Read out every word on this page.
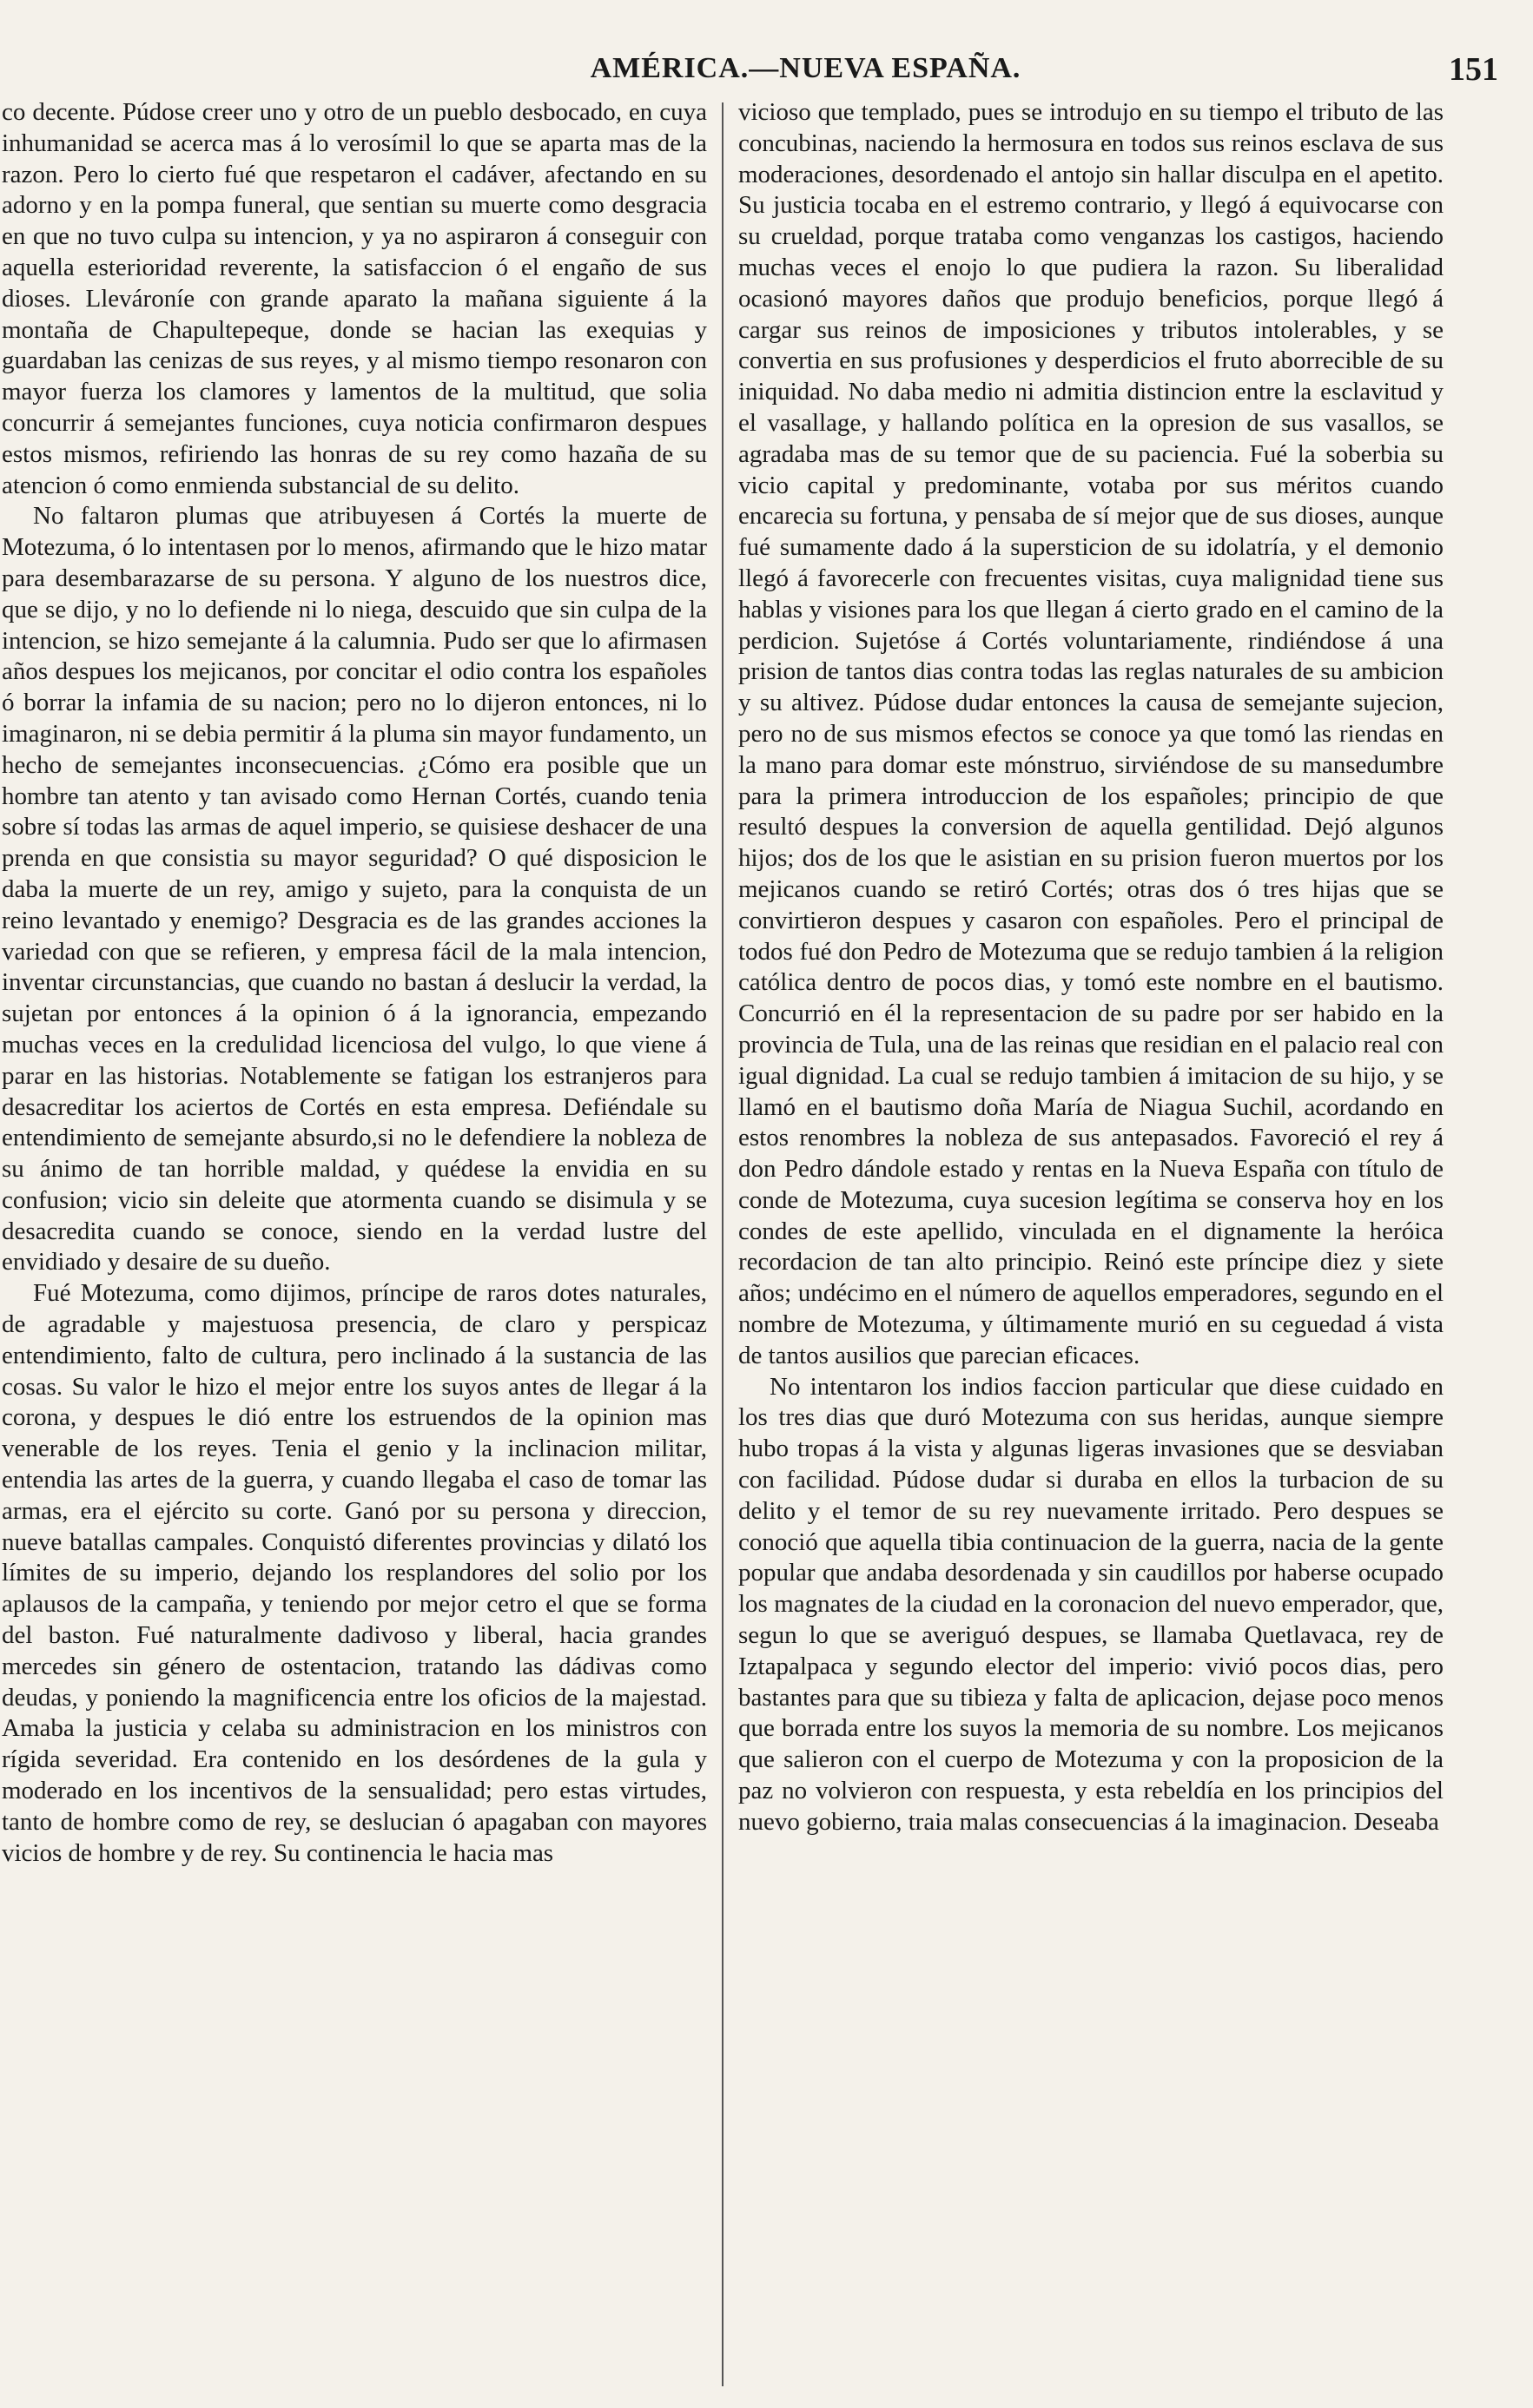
AMÉRICA.—NUEVA ESPAÑA.	151

co decente. Púdose creer uno y otro de un pueblo desbocado, en cuya inhumanidad se acerca mas á lo verosímil lo que se aparta mas de la razon. Pero lo cierto fué que respetaron el cadáver, afectando en su adorno y en la pompa funeral, que sentian su muerte como desgracia en que no tuvo culpa su intencion, y ya no aspiraron á conseguir con aquella esterioridad reverente, la satisfaccion ó el engaño de sus dioses. Llevároníe con grande aparato la mañana siguiente á la montaña de Chapultepeque, donde se hacian las exequias y guardaban las cenizas de sus reyes, y al mismo tiempo resonaron con mayor fuerza los clamores y lamentos de la multitud, que solia concurrir á semejantes funciones, cuya noticia confirmaron despues estos mismos, refiriendo las honras de su rey como hazaña de su atencion ó como enmienda substancial de su delito.

No faltaron plumas que atribuyesen á Cortés la muerte de Motezuma, ó lo intentasen por lo menos, afirmando que le hizo matar para desembarazarse de su persona. Y alguno de los nuestros dice, que se dijo, y no lo defiende ni lo niega, descuido que sin culpa de la intencion, se hizo semejante á la calumnia. Pudo ser que lo afirmasen años despues los mejicanos, por concitar el odio contra los españoles ó borrar la infamia de su nacion; pero no lo dijeron entonces, ni lo imaginaron, ni se debia permitir á la pluma sin mayor fundamento, un hecho de semejantes inconsecuencias. ¿Cómo era posible que un hombre tan atento y tan avisado como Hernan Cortés, cuando tenia sobre sí todas las armas de aquel imperio, se quisiese deshacer de una prenda en que consistia su mayor seguridad? O qué disposicion le daba la muerte de un rey, amigo y sujeto, para la conquista de un reino levantado y enemigo? Desgracia es de las grandes acciones la variedad con que se refieren, y empresa fácil de la mala intencion, inventar circunstancias, que cuando no bastan á deslucir la verdad, la sujetan por entonces á la opinion ó á la ignorancia, empezando muchas veces en la credulidad licenciosa del vulgo, lo que viene á parar en las historias. Notablemente se fatigan los estranjeros para desacreditar los aciertos de Cortés en esta empresa. Defiéndale su entendimiento de semejante absurdo,si no le defendiere la nobleza de su ánimo de tan horrible maldad, y quédese la envidia en su confusion; vicio sin deleite que atormenta cuando se disimula y se desacredita cuando se conoce, siendo en la verdad lustre del envidiado y desaire de su dueño.

Fué Motezuma, como dijimos, príncipe de raros dotes naturales, de agradable y majestuosa presencia, de claro y perspicaz entendimiento, falto de cultura, pero inclinado á la sustancia de las cosas. Su valor le hizo el mejor entre los suyos antes de llegar á la corona, y despues le dió entre los estruendos de la opinion mas venerable de los reyes. Tenia el genio y la inclinacion militar, entendia las artes de la guerra, y cuando llegaba el caso de tomar las armas, era el ejército su corte. Ganó por su persona y direccion, nueve batallas campales. Conquistó diferentes provincias y dilató los límites de su imperio, dejando los resplandores del solio por los aplausos de la campaña, y teniendo por mejor cetro el que se forma del baston. Fué naturalmente dadivoso y liberal, hacia grandes mercedes sin género de ostentacion, tratando las dádivas como deudas, y poniendo la magnificencia entre los oficios de la majestad. Amaba la justicia y celaba su administracion en los ministros con rígida severidad. Era contenido en los desórdenes de la gula y moderado en los incentivos de la sensualidad; pero estas virtudes, tanto de hombre como de rey, se deslucian ó apagaban con mayores vicios de hombre y de rey. Su continencia le hacia mas

vicioso que templado, pues se introdujo en su tiempo el tributo de las concubinas, naciendo la hermosura en todos sus reinos esclava de sus moderaciones, desordenado el antojo sin hallar disculpa en el apetito. Su justicia tocaba en el estremo contrario, y llegó á equivocarse con su crueldad, porque trataba como venganzas los castigos, haciendo muchas veces el enojo lo que pudiera la razon. Su liberalidad ocasionó mayores daños que produjo beneficios, porque llegó á cargar sus reinos de imposiciones y tributos intolerables, y se convertia en sus profusiones y desperdicios el fruto aborrecible de su iniquidad. No daba medio ni admitia distincion entre la esclavitud y el vasallage, y hallando política en la opresion de sus vasallos, se agradaba mas de su temor que de su paciencia. Fué la soberbia su vicio capital y predominante, votaba por sus méritos cuando encarecia su fortuna, y pensaba de sí mejor que de sus dioses, aunque fué sumamente dado á la supersticion de su idolatría, y el demonio llegó á favorecerle con frecuentes visitas, cuya malignidad tiene sus hablas y visiones para los que llegan á cierto grado en el camino de la perdicion. Sujetóse á Cortés voluntariamente, rindiéndose á una prision de tantos dias contra todas las reglas naturales de su ambicion y su altivez. Púdose dudar entonces la causa de semejante sujecion, pero no de sus mismos efectos se conoce ya que tomó las riendas en la mano para domar este mónstruo, sirviéndose de su mansedumbre para la primera introduccion de los españoles; principio de que resultó despues la conversion de aquella gentilidad. Dejó algunos hijos; dos de los que le asistian en su prision fueron muertos por los mejicanos cuando se retiró Cortés; otras dos ó tres hijas que se convirtieron despues y casaron con españoles. Pero el principal de todos fué don Pedro de Motezuma que se redujo tambien á la religion católica dentro de pocos dias, y tomó este nombre en el bautismo. Concurrió en él la representacion de su padre por ser habido en la provincia de Tula, una de las reinas que residian en el palacio real con igual dignidad. La cual se redujo tambien á imitacion de su hijo, y se llamó en el bautismo doña María de Niagua Suchil, acordando en estos renombres la nobleza de sus antepasados. Favoreció el rey á don Pedro dándole estado y rentas en la Nueva España con título de conde de Motezuma, cuya sucesion legítima se conserva hoy en los condes de este apellido, vinculada en el dignamente la heróica recordacion de tan alto principio. Reinó este príncipe diez y siete años; undécimo en el número de aquellos emperadores, segundo en el nombre de Motezuma, y últimamente murió en su ceguedad á vista de tantos ausilios que parecian eficaces.

No intentaron los indios faccion particular que diese cuidado en los tres dias que duró Motezuma con sus heridas, aunque siempre hubo tropas á la vista y algunas ligeras invasiones que se desviaban con facilidad. Púdose dudar si duraba en ellos la turbacion de su delito y el temor de su rey nuevamente irritado. Pero despues se conoció que aquella tibia continuacion de la guerra, nacia de la gente popular que andaba desordenada y sin caudillos por haberse ocupado los magnates de la ciudad en la coronacion del nuevo emperador, que, segun lo que se averiguó despues, se llamaba Quetlavaca, rey de Iztapalpaca y segundo elector del imperio: vivió pocos dias, pero bastantes para que su tibieza y falta de aplicacion, dejase poco menos que borrada entre los suyos la memoria de su nombre. Los mejicanos que salieron con el cuerpo de Motezuma y con la proposicion de la paz no volvieron con respuesta, y esta rebeldía en los principios del nuevo gobierno, traia malas consecuencias á la imaginacion. Deseaba
